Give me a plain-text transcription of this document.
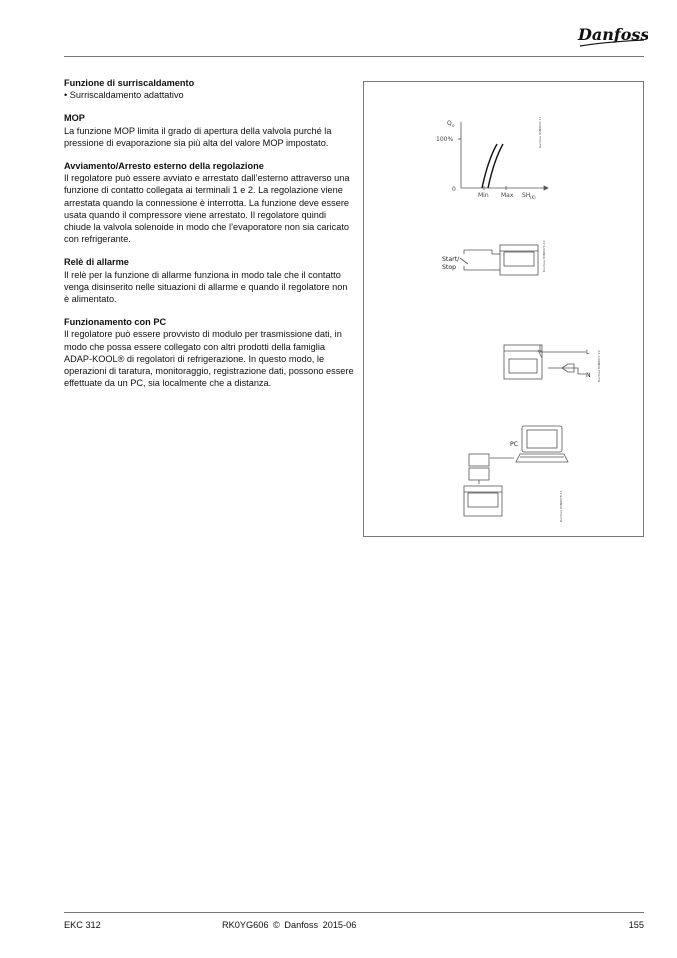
Danfoss
Funzione di surriscaldamento

• Surriscaldamento adattativo

MOP

La funzione MOP limita il grado di apertura della valvola purché la pressione di evaporazione sia più alta del valore MOP impostato.

Avviamento/Arresto esterno della regolazione

Il regolatore può essere avviato e arrestato dall’esterno attraverso una funzione di contatto collegata ai terminali 1 e 2. La regolazione viene arrestata quando la connessione è interrotta. La funzione deve essere usata quando il compressore viene arrestato. Il regolatore quindi chiude la valvola solenoide in modo che l’evaporatore non sia caricato con refrigerante.

Relè di allarme

Il relè per la funzione di allarme funziona in modo tale che il contatto venga disinserito nelle situazioni di allarme e quando il regolatore non è alimentato.

Funzionamento con PC

Il regolatore può essere provvisto di modulo per trasmissione dati, in modo che possa essere collegato con altri prodotti della famiglia ADAP-KOOL® di regolatori di refrigerazione. In questo modo, le operazioni di taratura, monitoraggio, registrazione dati, possono essere effettuate da un PC, sia localmente che a distanza.

Q o
100%
0
Min Max SH (K)
Danfoss 84N8045.11
Start/
Stop	Danfoss 84N8076.10
L
N Danfoss 84N8077.10
PC
Danfoss 84N8078.11
EKC 312	RK0YG606 © Danfoss 2015-06	155
